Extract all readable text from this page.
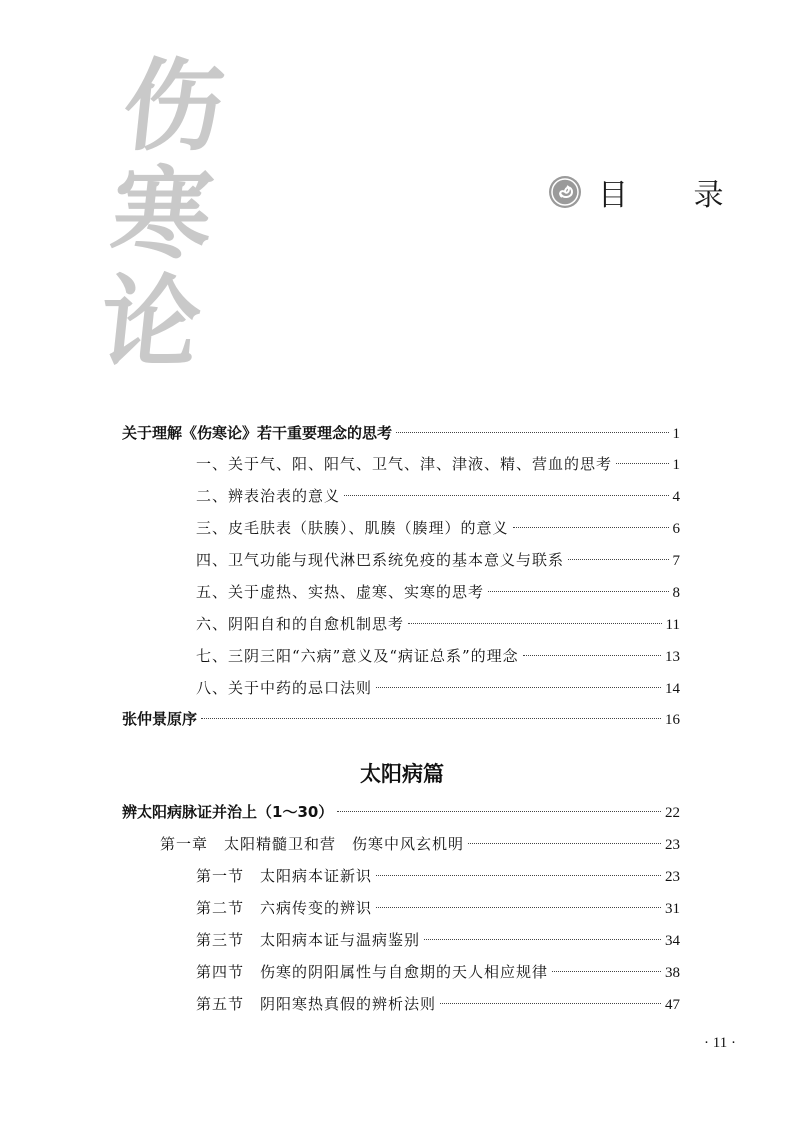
伤
寒
论
目 录
关于理解《伤寒论》若干重要理念的思考	1
一、关于气、阳、阳气、卫气、津、津液、精、营血的思考	1
二、辨表治表的意义	4
三、皮毛肤表（肤腠）、肌腠（腠理）的意义	6
四、卫气功能与现代淋巴系统免疫的基本意义与联系	7
五、关于虚热、实热、虚寒、实寒的思考	8
六、阴阳自和的自愈机制思考	11
七、三阴三阳“六病”意义及“病证总系”的理念	13
八、关于中药的忌口法则	14
张仲景原序	16
太阳病篇
辨太阳病脉证并治上（1～30）	22
第一章　太阳精髓卫和营　伤寒中风玄机明	23
第一节　太阳病本证新识	23
第二节　六病传变的辨识	31
第三节　太阳病本证与温病鉴别	34
第四节　伤寒的阴阳属性与自愈期的天人相应规律	38
第五节　阴阳寒热真假的辨析法则	47
· 11 ·
